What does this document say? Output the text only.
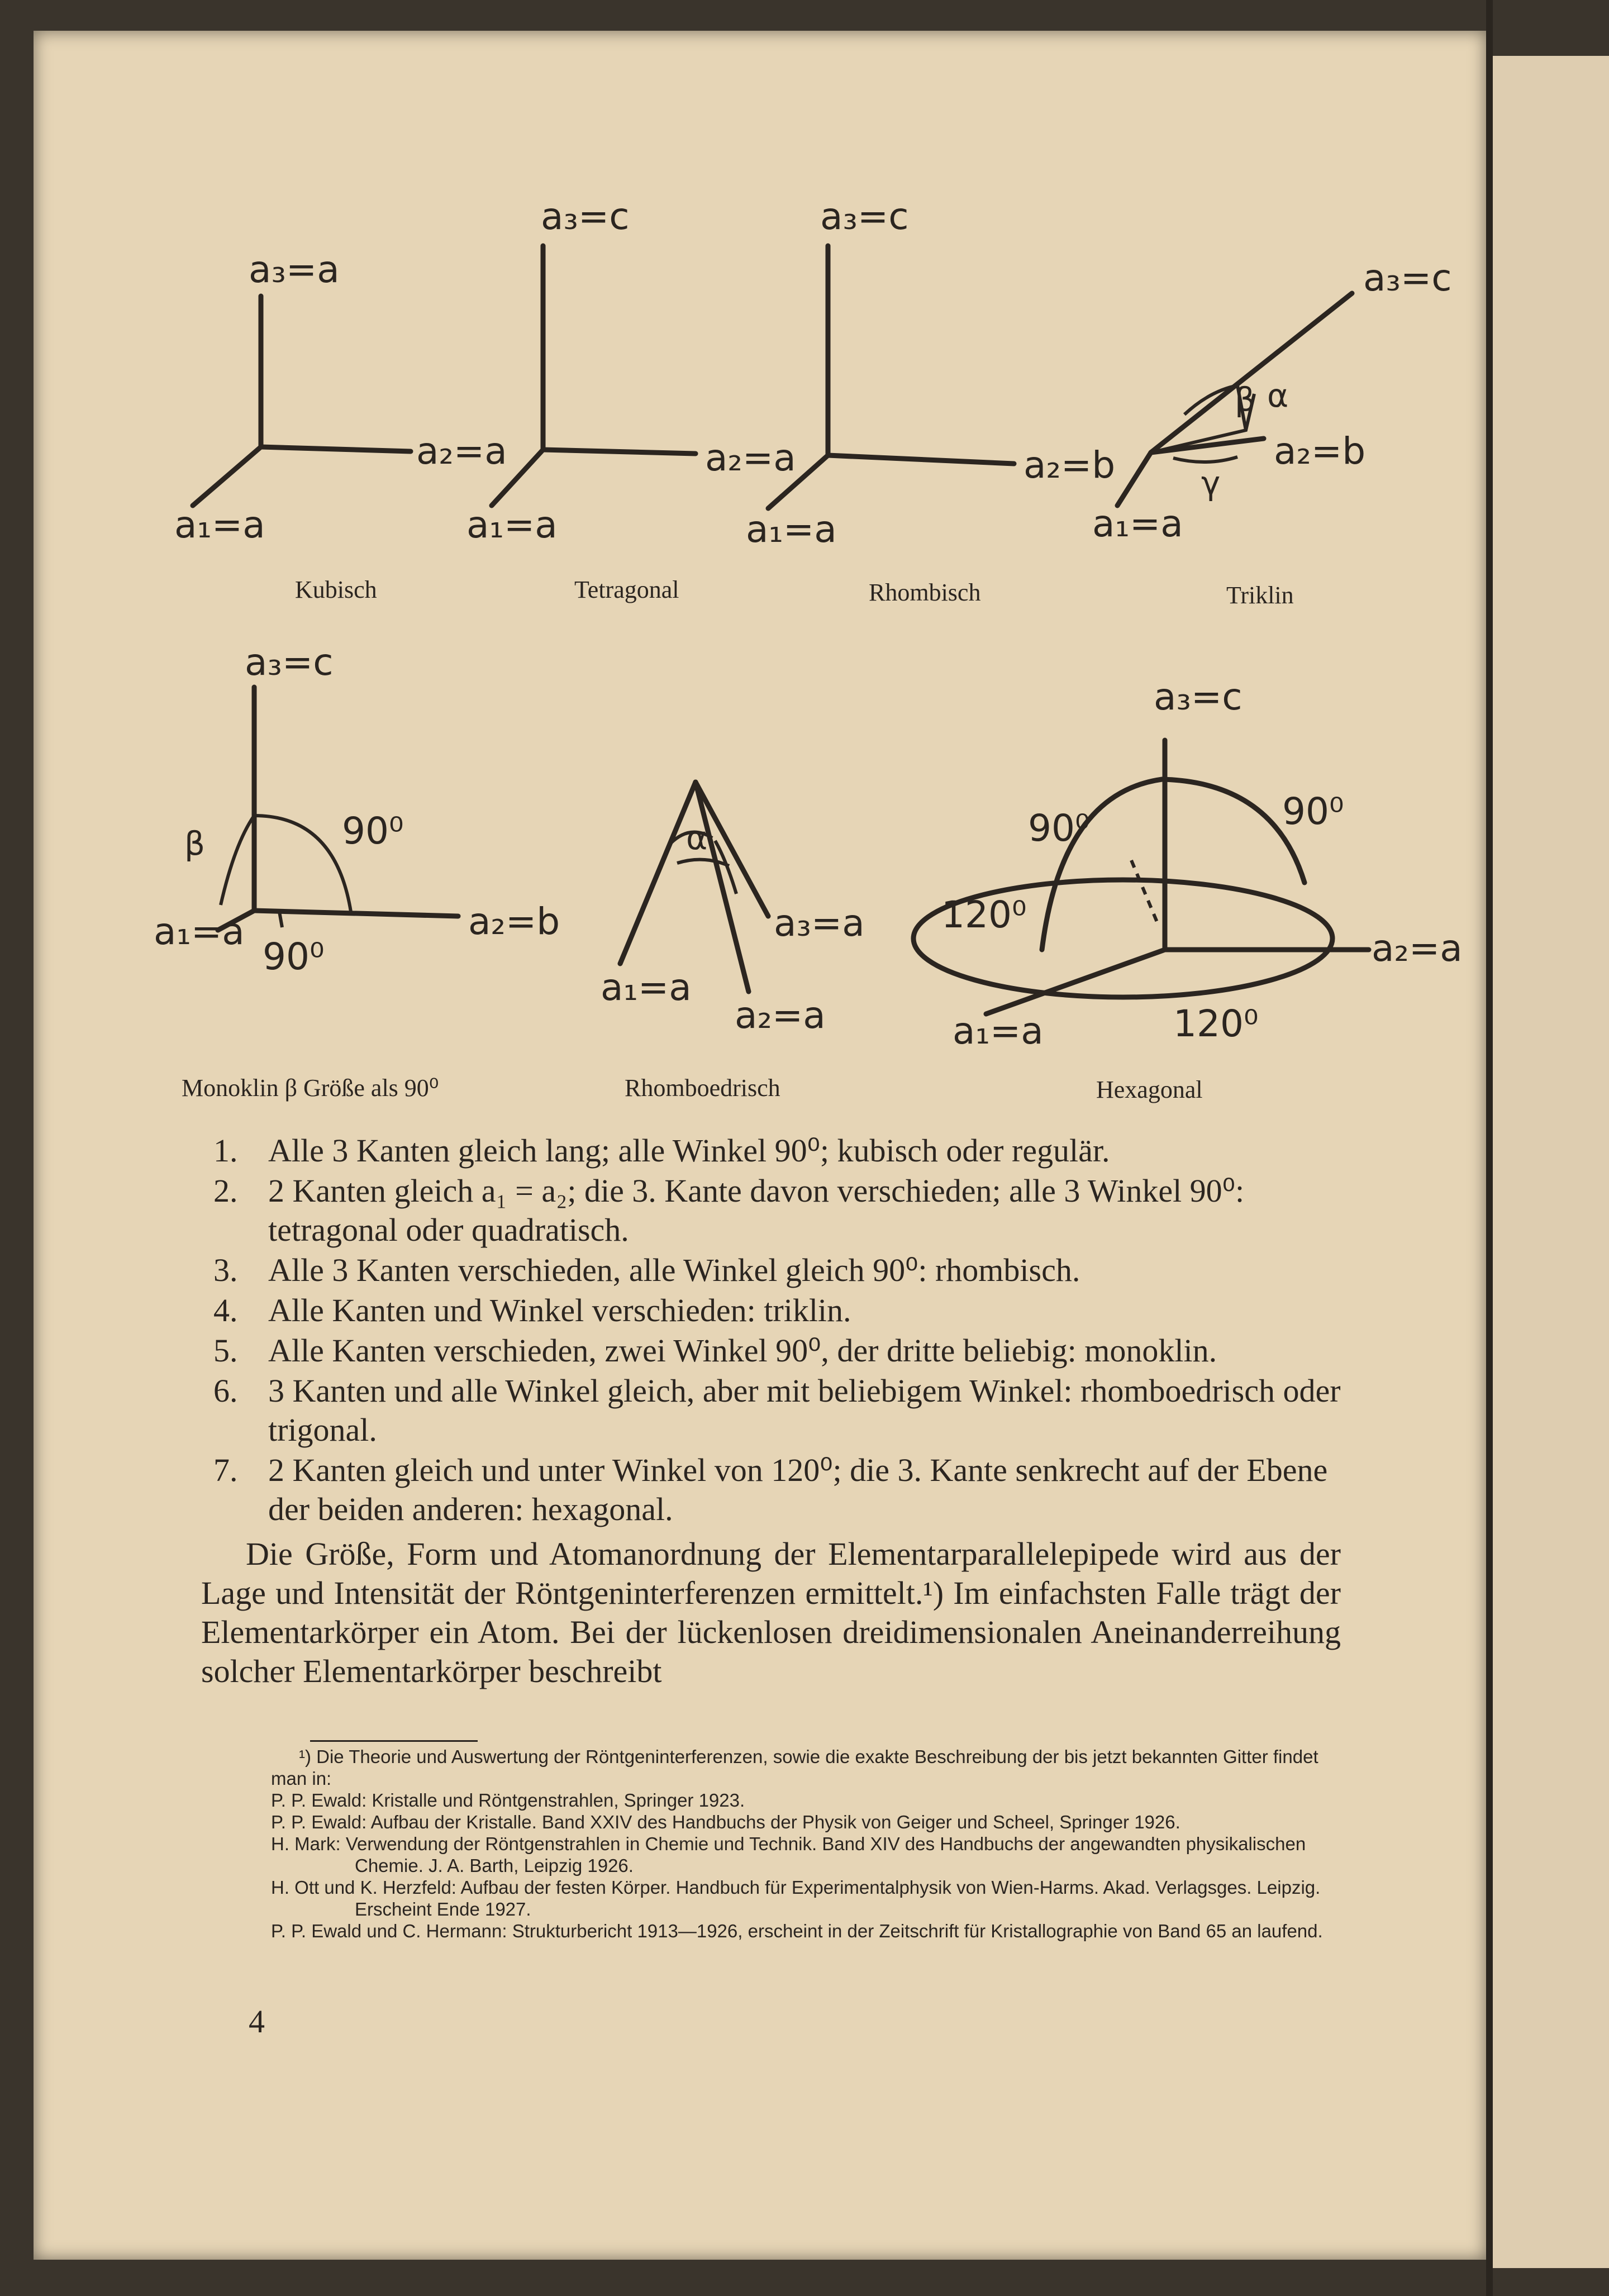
a₃=a
a₂=a
a₁=a
Kubisch
a₃=c
a₂=a
a₁=a
Tetragonal
a₃=c
a₂=b
a₁=a
Rhombisch
a₃=c
a₂=b
a₁=a
β α
γ
Triklin
a₃=c
a₂=b
a₁=a
β	90⁰
90⁰
Monoklin β Größe als 90⁰
a₁=a
a₂=a
a₃=a
α
Rhomboedrisch
a₃=c
a₂=a
a₁=a
90⁰	90⁰
120⁰
120⁰
Hexagonal
1. Alle 3 Kanten gleich lang; alle Winkel 90⁰; kubisch oder regulär.
2. 2 Kanten gleich a₁ = a₂; die 3. Kante davon verschieden; alle 3 Winkel 90⁰: tetragonal oder quadratisch.
3. Alle 3 Kanten verschieden, alle Winkel gleich 90⁰: rhombisch.
4. Alle Kanten und Winkel verschieden: triklin.
5. Alle Kanten verschieden, zwei Winkel 90⁰, der dritte beliebig: monoklin.
6. 3 Kanten und alle Winkel gleich, aber mit beliebigem Winkel: rhomboedrisch oder trigonal.
7. 2 Kanten gleich und unter Winkel von 120⁰; die 3. Kante senkrecht auf der Ebene der beiden anderen: hexagonal.

Die Größe, Form und Atomanordnung der Elementarparallelepipede wird aus der Lage und Intensität der Röntgeninterferenzen ermittelt.¹) Im einfachsten Falle trägt der Elementarkörper ein Atom. Bei der lückenlosen dreidimensionalen Aneinanderreihung solcher Elementarkörper beschreibt

¹) Die Theorie und Auswertung der Röntgeninterferenzen, sowie die exakte Beschreibung der bis jetzt bekannten Gitter findet man in:

P. P. Ewald: Kristalle und Röntgenstrahlen, Springer 1923.

P. P. Ewald: Aufbau der Kristalle. Band XXIV des Handbuchs der Physik von Geiger und Scheel, Springer 1926.

H. Mark: Verwendung der Röntgenstrahlen in Chemie und Technik. Band XIV des Handbuchs der angewandten physikalischen Chemie. J. A. Barth, Leipzig 1926.

H. Ott und K. Herzfeld: Aufbau der festen Körper. Handbuch für Experimentalphysik von Wien-Harms. Akad. Verlagsges. Leipzig. Erscheint Ende 1927.

P. P. Ewald und C. Hermann: Strukturbericht 1913—1926, erscheint in der Zeitschrift für Kristallographie von Band 65 an laufend.

4
